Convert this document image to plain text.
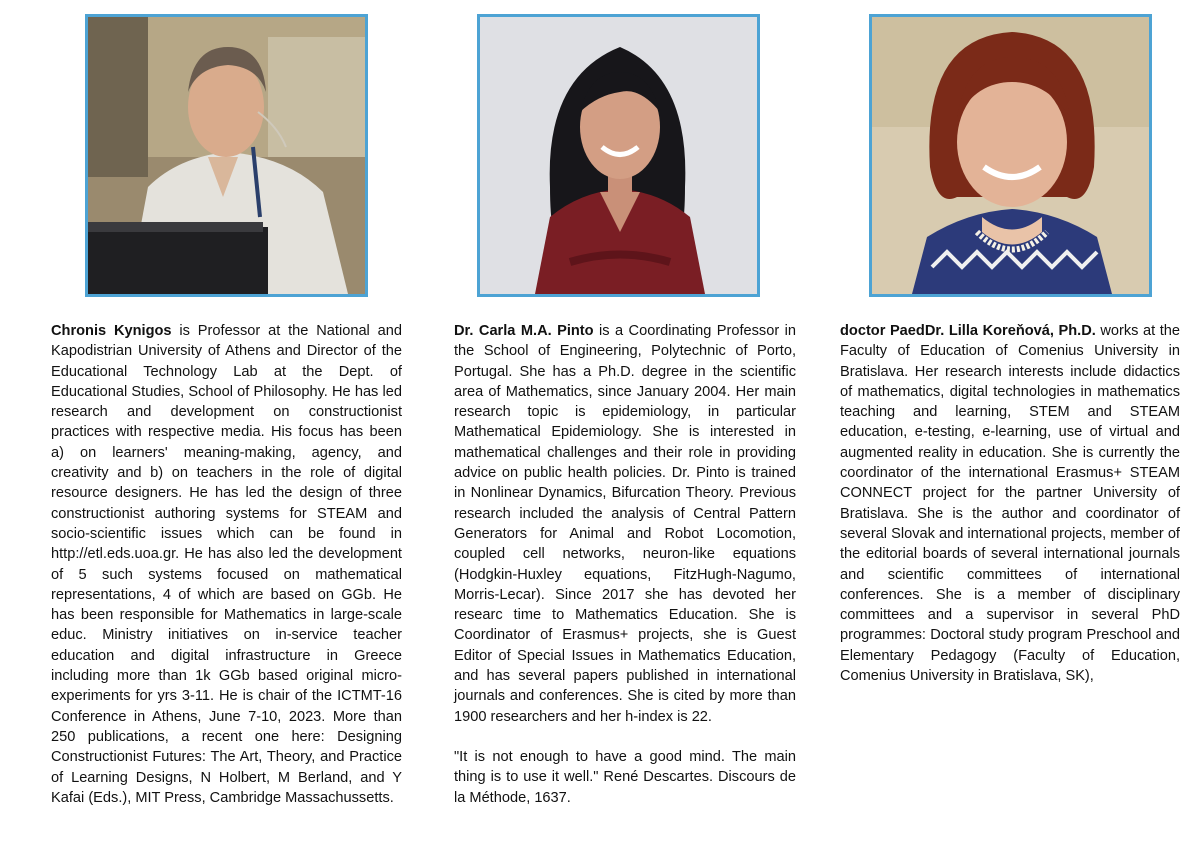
Chronis Kynigos is Professor at the National and Kapodistrian University of Athens and Director of the Educational Technology Lab at the Dept. of Educational Studies, School of Philosophy. He has led research and development on constructionist practices with respective media. His focus has been a) on learners' meaning-making, agency, and creativity and b) on teachers in the role of digital resource designers. He has led the design of three constructionist authoring systems for STEAM and socio-scientific issues which can be found in http://etl.eds.uoa.gr. He has also led the development of 5 such systems focused on mathematical representations, 4 of which are based on GGb. He has been responsible for Mathematics in large-scale educ. Ministry initiatives on in-service teacher education and digital infrastructure in Greece including more than 1k GGb based original micro-experiments for yrs 3-11. He is chair of the ICTMT-16 Conference in Athens, June 7-10, 2023. More than 250 publications, a recent one here: Designing Constructionist Futures: The Art, Theory, and Practice of Learning Designs, N Holbert, M Berland, and Y Kafai (Eds.), MIT Press, Cambridge Massachussetts.

Dr. Carla M.A. Pinto is a Coordinating Professor in the School of Engineering, Polytechnic of Porto, Portugal. She has a Ph.D. degree in the scientific area of Mathematics, since January 2004. Her main research topic is epidemiology, in particular Mathematical Epidemiology. She is interested in mathematical challenges and their role in providing advice on public health policies. Dr. Pinto is trained in Nonlinear Dynamics, Bifurcation Theory. Previous research included the analysis of Central Pattern Generators for Animal and Robot Locomotion, coupled cell networks, neuron-like equations (Hodgkin-Huxley equations, FitzHugh-Nagumo, Morris-Lecar). Since 2017 she has devoted her researc time to Mathematics Education. She is Coordinator of Erasmus+ projects, she is Guest Editor of Special Issues in Mathematics Education, and has several papers published in international journals and conferences. She is cited by more than 1900 researchers and her h-index is 22.

"It is not enough to have a good mind. The main thing is to use it well." René Descartes. Discours de la Méthode, 1637.

doctor PaedDr. Lilla Koreňová, Ph.D. works at the Faculty of Education of Comenius University in Bratislava. Her research interests include didactics of mathematics, digital technologies in mathematics teaching and learning, STEM and STEAM education, e-testing, e-learning, use of virtual and augmented reality in education. She is currently the coordinator of the international Erasmus+ STEAM CONNECT project for the partner University of Bratislava. She is the author and coordinator of several Slovak and international projects, member of the editorial boards of several international journals and scientific committees of international conferences. She is a member of disciplinary committees and a supervisor in several PhD programmes: Doctoral study program Preschool and Elementary Pedagogy (Faculty of Education, Comenius University in Bratislava, SK),
